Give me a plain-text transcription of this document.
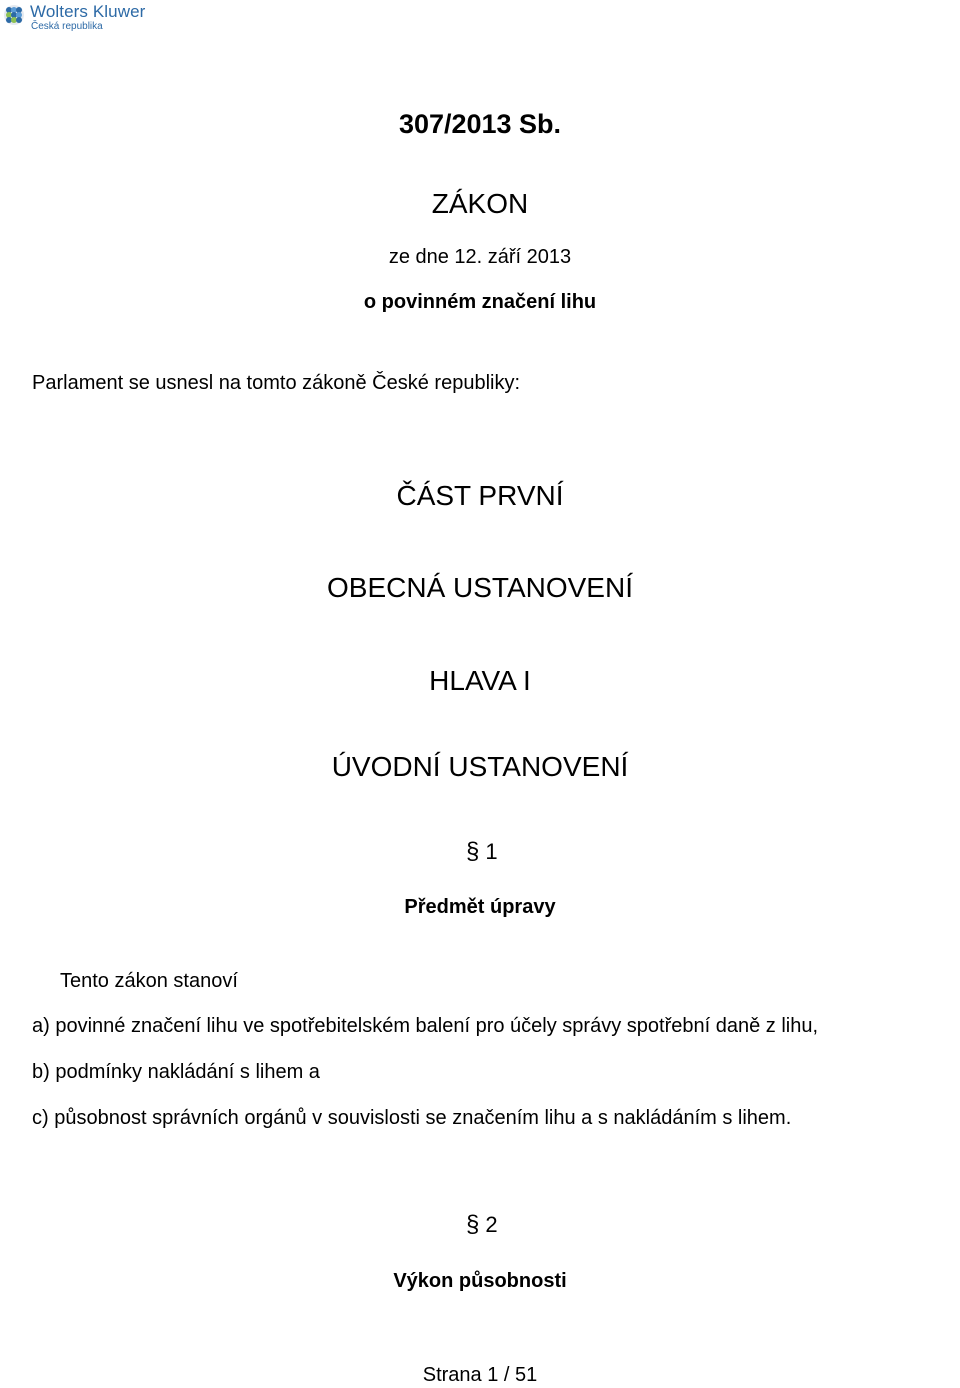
Wolters Kluwer
Česká republika
307/2013 Sb.
ZÁKON
ze dne 12. září 2013
o povinném značení lihu
Parlament se usnesl na tomto zákoně České republiky:
ČÁST PRVNÍ
OBECNÁ USTANOVENÍ
HLAVA I
ÚVODNÍ USTANOVENÍ
§ 1
Předmět úpravy
Tento zákon stanoví
a) povinné značení lihu ve spotřebitelském balení pro účely správy spotřební daně z lihu,
b) podmínky nakládání s lihem a
c) působnost správních orgánů v souvislosti se značením lihu a s nakládáním s lihem.
§ 2
Výkon působnosti
Strana 1 / 51
